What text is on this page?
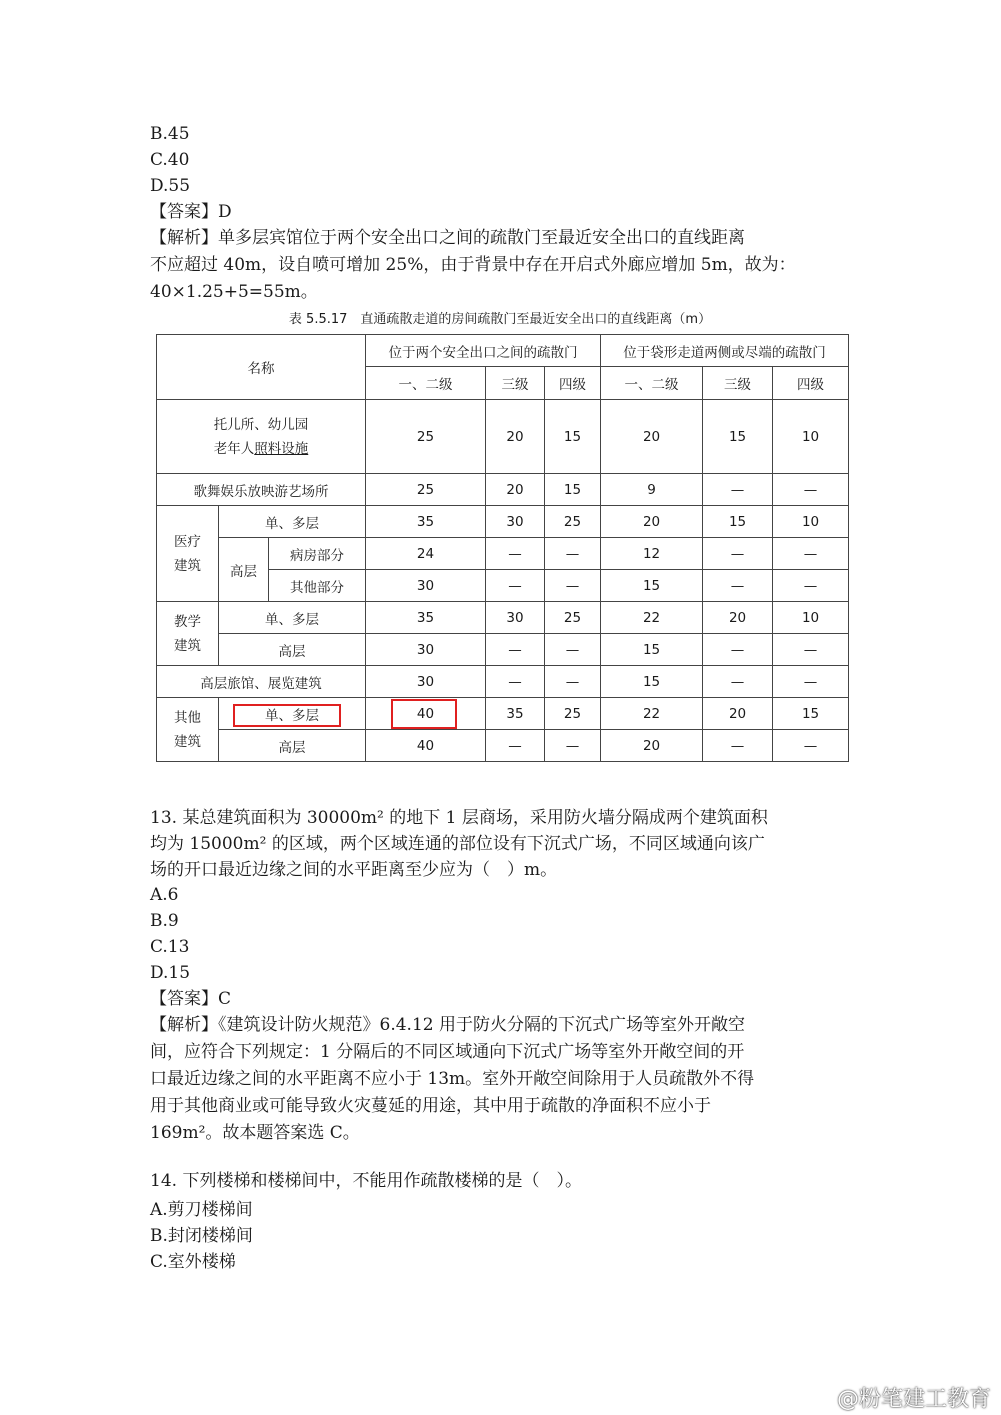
B.45
C.40
D.55
【答案】D
【解析】单多层宾馆位于两个安全出口之间的疏散门至最近安全出口的直线距离
不应超过 40m，设自喷可增加 25%，由于背景中存在开启式外廊应增加 5m，故为：
40×1.25+5=55m。
表 5.5.17　直通疏散走道的房间疏散门至最近安全出口的直线距离（m）
名称			位于两个安全出口之间的疏散门			位于袋形走道两侧或尽端的疏散门		
			一、二级	三级	四级	一、二级	三级	四级
托儿所、幼儿园
老年人照料设施			25	20	15	20	15	10
歌舞娱乐放映游艺场所			25	20	15	9	—	—
医疗
建筑	单、多层		35	30	25	20	15	10
	高层	病房部分	24	—	—	12	—	—
		其他部分	30	—	—	15	—	—
教学
建筑	单、多层		35	30	25	22	20	10
	高层		30	—	—	15	—	—
高层旅馆、展览建筑			30	—	—	15	—	—
其他
建筑	单、多层		40	35	25	22	20	15
	高层		40	—	—	20	—	—
13. 某总建筑面积为 30000m² 的地下 1 层商场，采用防火墙分隔成两个建筑面积
均为 15000m² 的区域，两个区域连通的部位设有下沉式广场，不同区域通向该广
场的开口最近边缘之间的水平距离至少应为（　）m。
A.6
B.9
C.13
D.15
【答案】C
【解析】《建筑设计防火规范》6.4.12 用于防火分隔的下沉式广场等室外开敞空
间，应符合下列规定：1 分隔后的不同区域通向下沉式广场等室外开敞空间的开
口最近边缘之间的水平距离不应小于 13m。室外开敞空间除用于人员疏散外不得
用于其他商业或可能导致火灾蔓延的用途，其中用于疏散的净面积不应小于
169m²。故本题答案选 C。
14. 下列楼梯和楼梯间中，不能用作疏散楼梯的是（　）。
A.剪刀楼梯间
B.封闭楼梯间
C.室外楼梯
@粉笔建工教育
